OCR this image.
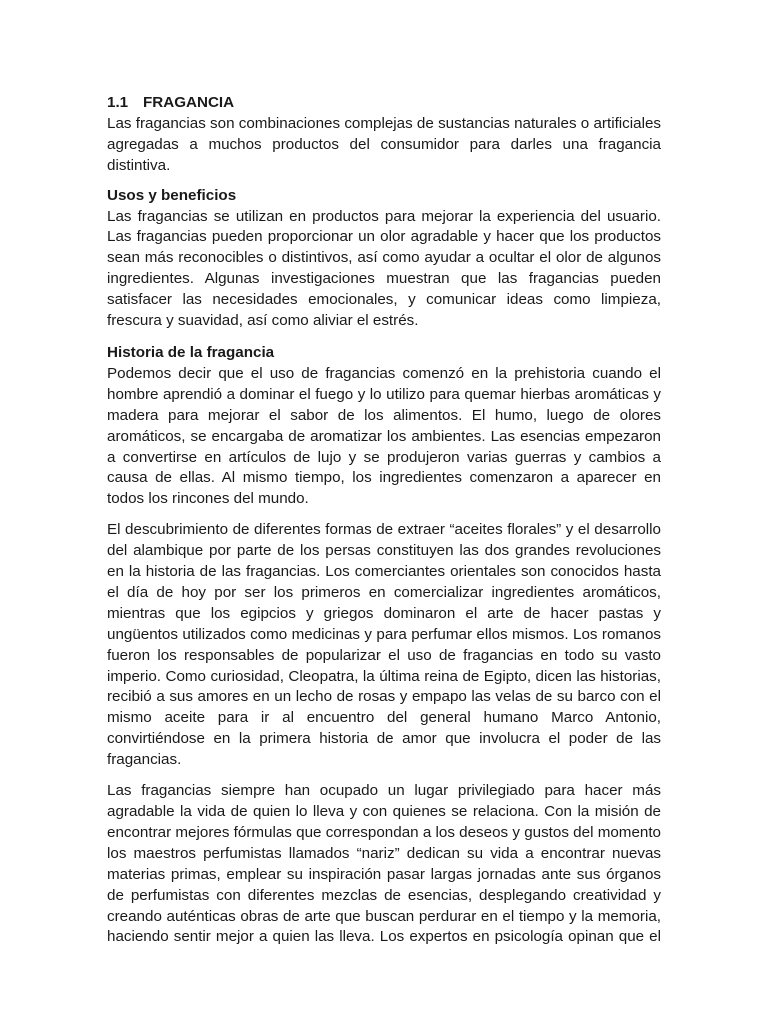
1.1 FRAGANCIA

Las fragancias son combinaciones complejas de sustancias naturales o artificiales agregadas a muchos productos del consumidor para darles una fragancia distintiva.

Usos y beneficios

Las fragancias se utilizan en productos para mejorar la experiencia del usuario. Las fragancias pueden proporcionar un olor agradable y hacer que los productos sean más reconocibles o distintivos, así como ayudar a ocultar el olor de algunos ingredientes. Algunas investigaciones muestran que las fragancias pueden satisfacer las necesidades emocionales, y comunicar ideas como limpieza, frescura y suavidad, así como aliviar el estrés.

Historia de la fragancia

Podemos decir que el uso de fragancias comenzó en la prehistoria cuando el hombre aprendió a dominar el fuego y lo utilizo para quemar hierbas aromáticas y madera para mejorar el sabor de los alimentos. El humo, luego de olores aromáticos, se encargaba de aromatizar los ambientes. Las esencias empezaron a convertirse en artículos de lujo y se produjeron varias guerras y cambios a causa de ellas. Al mismo tiempo, los ingredientes comenzaron a aparecer en todos los rincones del mundo.

El descubrimiento de diferentes formas de extraer “aceites florales” y el desarrollo del alambique por parte de los persas constituyen las dos grandes revoluciones en la historia de las fragancias. Los comerciantes orientales son conocidos hasta el día de hoy por ser los primeros en comercializar ingredientes aromáticos, mientras que los egipcios y griegos dominaron el arte de hacer pastas y ungüentos utilizados como medicinas y para perfumar ellos mismos. Los romanos fueron los responsables de popularizar el uso de fragancias en todo su vasto imperio. Como curiosidad, Cleopatra, la última reina de Egipto, dicen las historias, recibió a sus amores en un lecho de rosas y empapo las velas de su barco con el mismo aceite para ir al encuentro del general humano Marco Antonio, convirtiéndose en la primera historia de amor que involucra el poder de las fragancias.

Las fragancias siempre han ocupado un lugar privilegiado para hacer más agradable la vida de quien lo lleva y con quienes se relaciona. Con la misión de encontrar mejores fórmulas que correspondan a los deseos y gustos del momento los maestros perfumistas llamados “nariz” dedican su vida a encontrar nuevas materias primas, emplear su inspiración pasar largas jornadas ante sus órganos de perfumistas con diferentes mezclas de esencias, desplegando creatividad y creando auténticas obras de arte que buscan perdurar en el tiempo y la memoria, haciendo sentir mejor a quien las lleva. Los expertos en psicología opinan que el
